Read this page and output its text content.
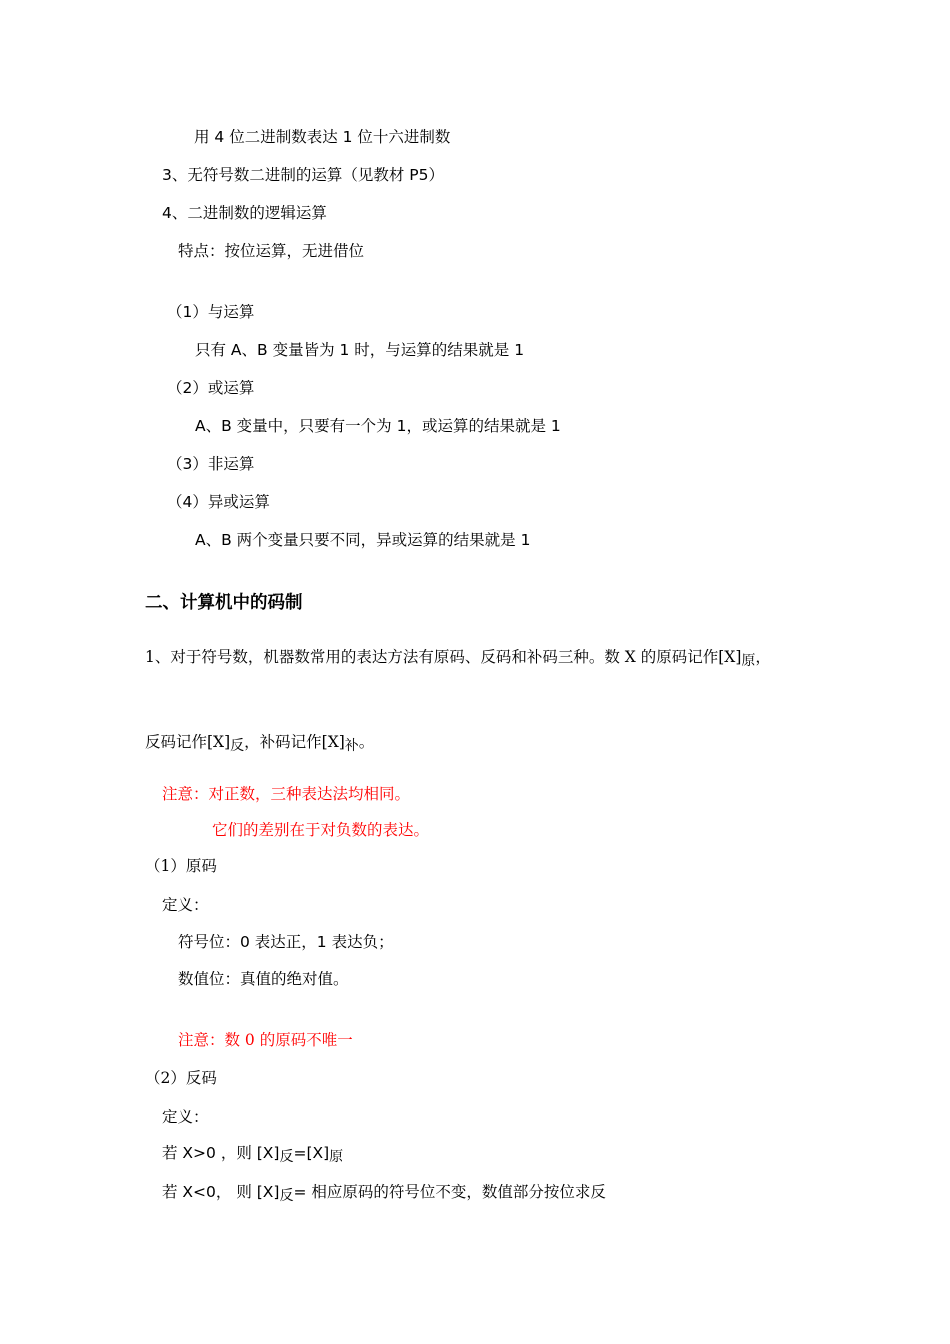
用 4 位二进制数表达 1 位十六进制数
3、无符号数二进制的运算（见教材 P5）
4、二进制数的逻辑运算
特点：按位运算，无进借位
（1）与运算
只有 A、B 变量皆为 1 时，与运算的结果就是 1
（2）或运算
A、B 变量中，只要有一个为 1，或运算的结果就是 1
（3）非运算
（4）异或运算
A、B 两个变量只要不同，异或运算的结果就是 1
二、计算机中的码制
1、对于符号数，机器数常用的表达方法有原码、反码和补码三种。数 X 的原码记作[X]原，
反码记作[X]反，补码记作[X]补。
注意：对正数，三种表达法均相同。
它们的差别在于对负数的表达。
（1）原码
定义：
符号位：0 表达正，1 表达负；
数值位：真值的绝对值。
注意：数 0 的原码不唯一
（2）反码
定义：
若 X>0 ，则 [X]反=[X]原
若 X<0， 则 [X]反= 相应原码的符号位不变，数值部分按位求反
